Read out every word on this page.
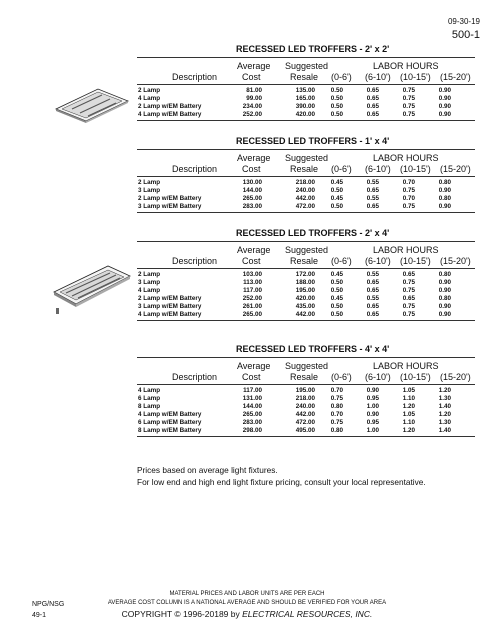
09-30-19
500-1
RECESSED LED TROFFERS - 2' x 2'
Average Suggested	LABOR HOURS
Description	Cost	Resale (0-6') (6-10') (10-15') (15-20')
2 Lamp	81.00	135.00	0.50	0.65	0.75	0.90
4 Lamp	99.00	165.00	0.50	0.65	0.75	0.90
2 Lamp w/EM Battery	234.00	390.00	0.50	0.65	0.75	0.90
4 Lamp w/EM Battery	252.00	420.00	0.50	0.65	0.75	0.90
RECESSED LED TROFFERS - 1' x 4'
Average Suggested	LABOR HOURS
Description	Cost	Resale (0-6') (6-10') (10-15') (15-20')
2 Lamp	130.00	218.00	0.45	0.55	0.70	0.80
3 Lamp	144.00	240.00	0.50	0.65	0.75	0.90
2 Lamp w/EM Battery	265.00	442.00	0.45	0.55	0.70	0.80
3 Lamp w/EM Battery	283.00	472.00	0.50	0.65	0.75	0.90
RECESSED LED TROFFERS - 2' x 4'
Average Suggested	LABOR HOURS
Description	Cost	Resale (0-6') (6-10') (10-15') (15-20')
2 Lamp	103.00	172.00	0.45	0.55	0.65	0.80
3 Lamp	113.00	188.00	0.50	0.65	0.75	0.90
4 Lamp	117.00	195.00	0.50	0.65	0.75	0.90
2 Lamp w/EM Battery	252.00	420.00	0.45	0.55	0.65	0.80
3 Lamp w/EM Battery	261.00	435.00	0.50	0.65	0.75	0.90
4 Lamp w/EM Battery	265.00	442.00	0.50	0.65	0.75	0.90
RECESSED LED TROFFERS - 4' x 4'
Average Suggested	LABOR HOURS
Description	Cost	Resale (0-6') (6-10') (10-15') (15-20')
4 Lamp	117.00	195.00	0.70	0.90	1.05	1.20
6 Lamp	131.00	218.00	0.75	0.95	1.10	1.30
8 Lamp	144.00	240.00	0.80	1.00	1.20	1.40
4 Lamp w/EM Battery	265.00	442.00	0.70	0.90	1.05	1.20
6 Lamp w/EM Battery	283.00	472.00	0.75	0.95	1.10	1.30
8 Lamp w/EM Battery	298.00	495.00	0.80	1.00	1.20	1.40
Prices based on average light fixtures.
For low end and high end light fixture pricing, consult your local representative.
MATERIAL PRICES AND LABOR UNITS ARE PER EACH
AVERAGE COST COLUMN IS A NATIONAL AVERAGE AND SHOULD BE VERIFIED FOR YOUR AREA
COPYRIGHT © 1996-20189 by ELECTRICAL RESOURCES, INC.
NPG/NSG
49-1
